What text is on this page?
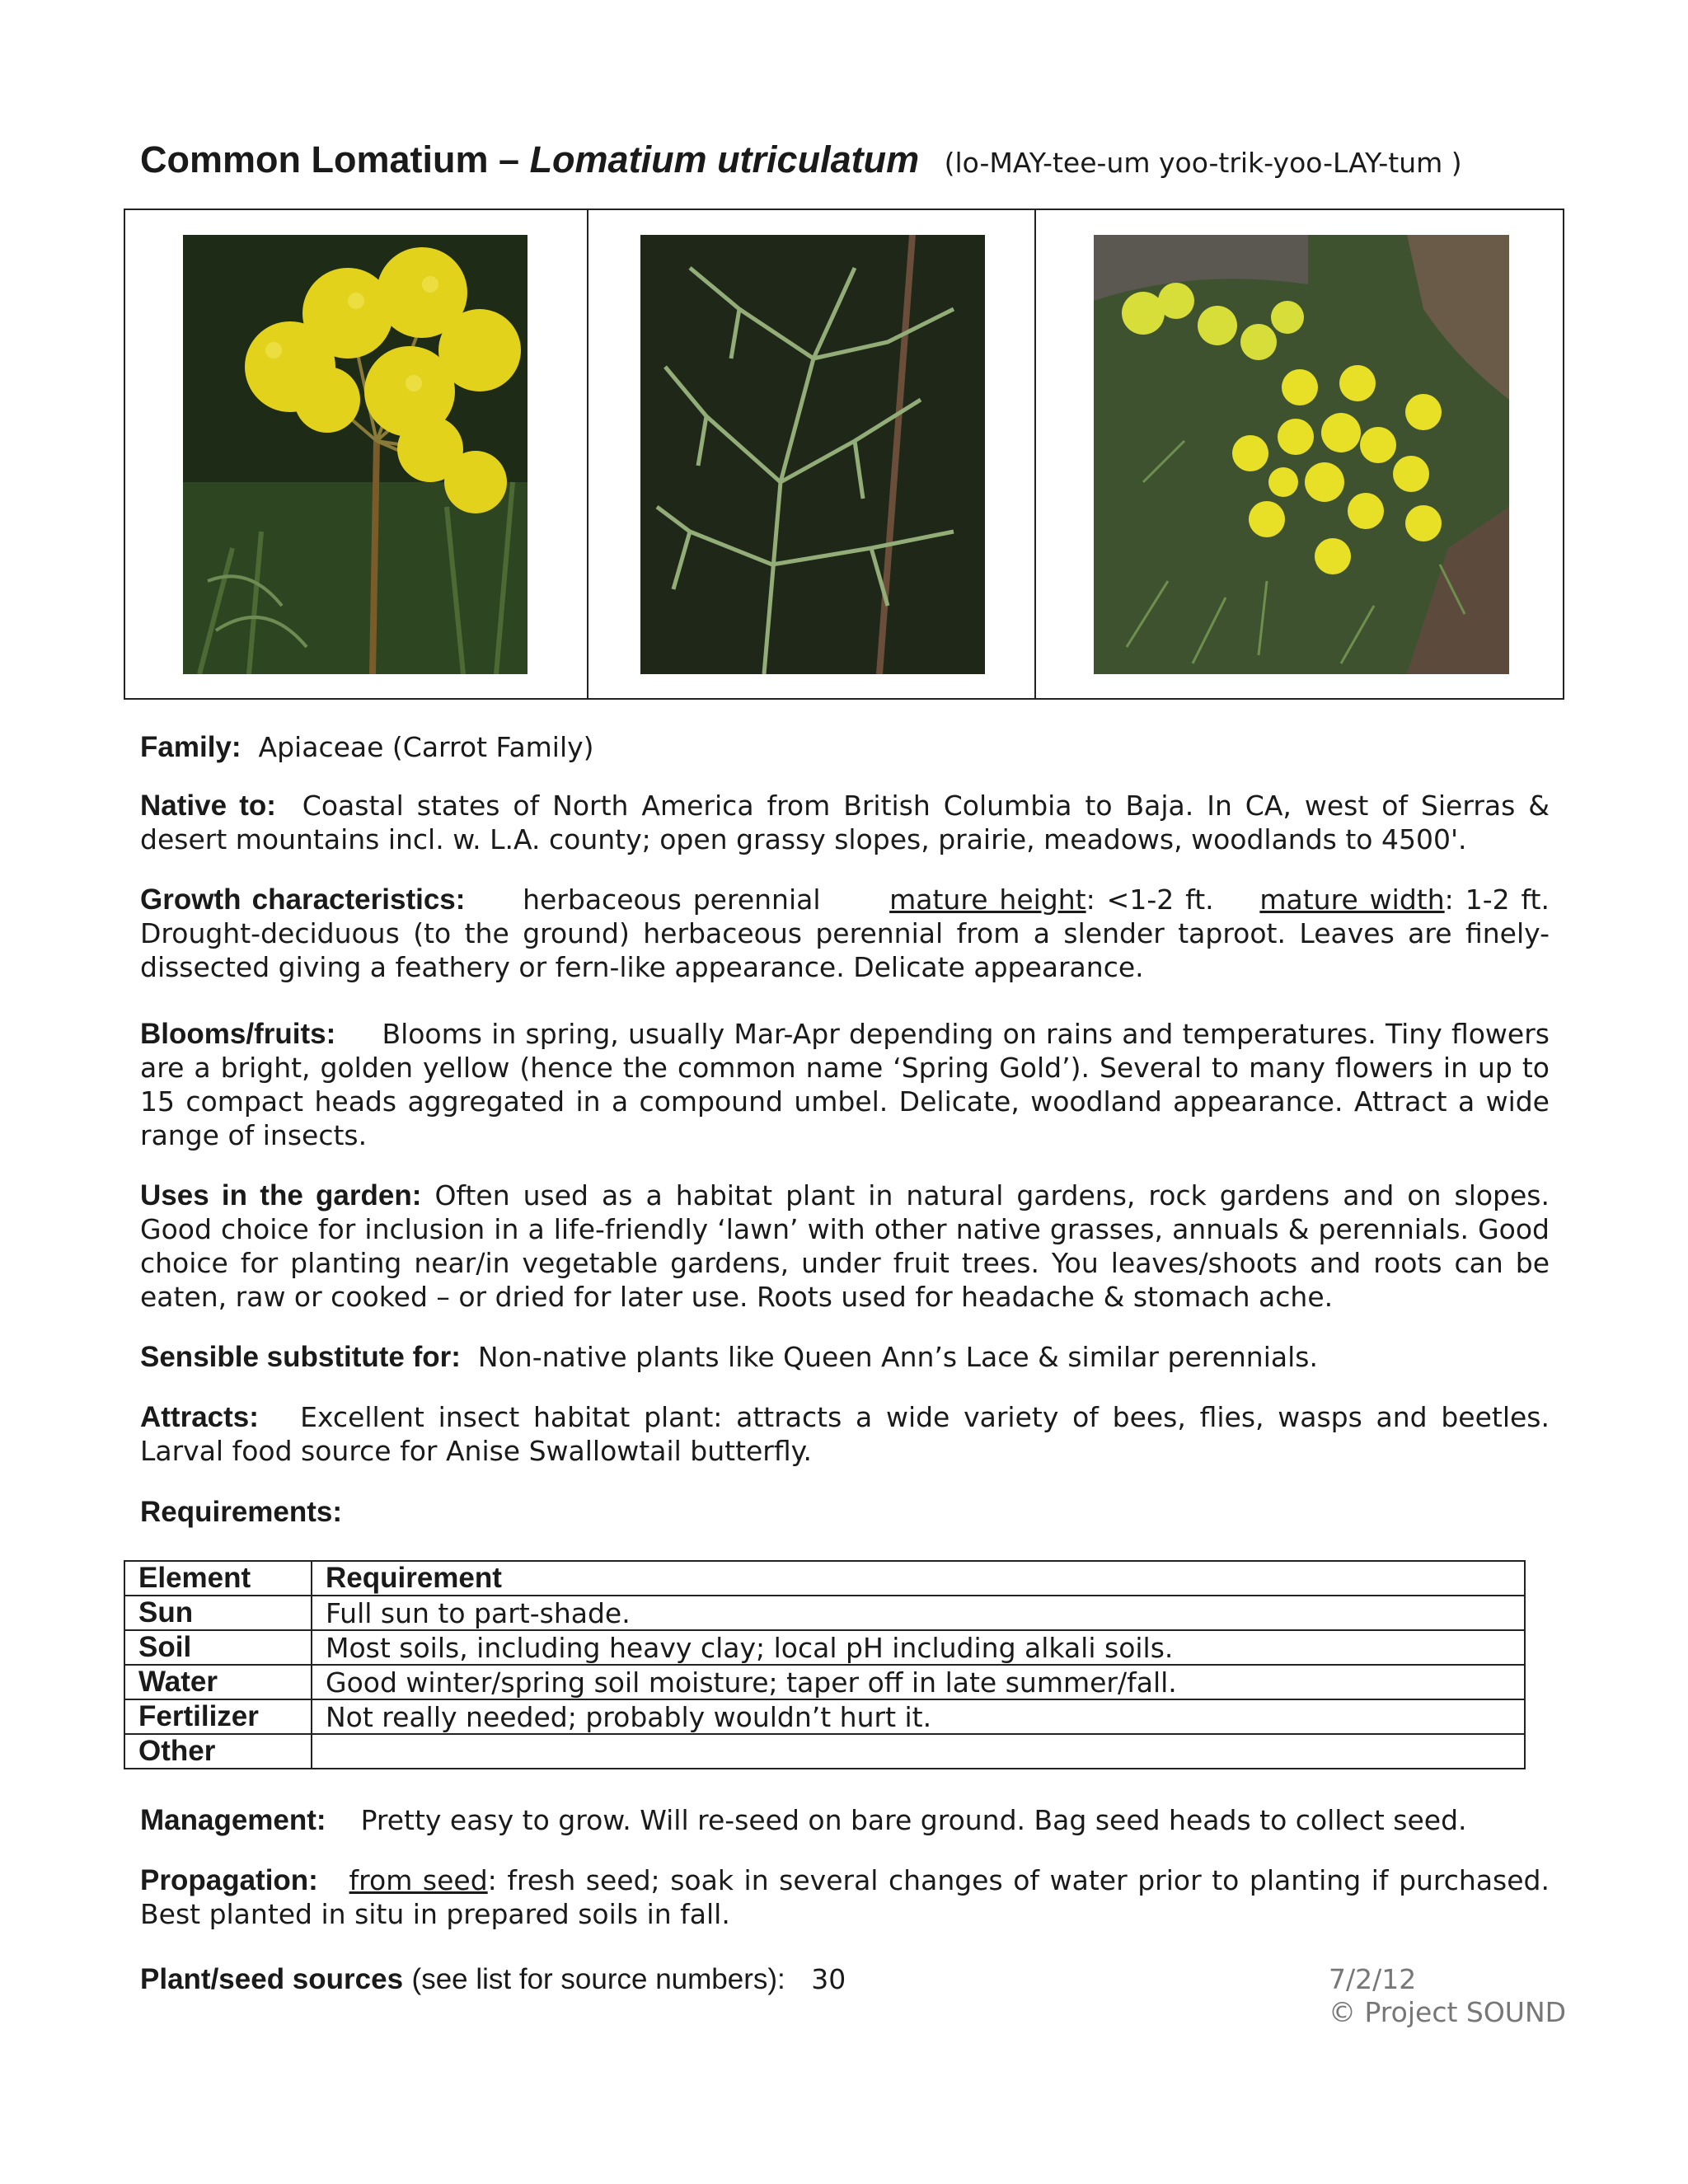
Common Lomatium – Lomatium utriculatum (lo-MAY-tee-um yoo-trik-yoo-LAY-tum )
Family: Apiaceae (Carrot Family)
Native to: Coastal states of North America from British Columbia to Baja. In CA, west of Sierras & desert mountains incl. w. L.A. county; open grassy slopes, prairie, meadows, woodlands to 4500'.
Growth characteristics: herbaceous perennial	mature height: <1-2 ft. mature width: 1-2 ft. Drought-deciduous (to the ground) herbaceous perennial from a slender taproot. Leaves are finely-dissected giving a feathery or fern-like appearance. Delicate appearance.
Blooms/fruits: Blooms in spring, usually Mar-Apr depending on rains and temperatures. Tiny flowers are a bright, golden yellow (hence the common name ‘Spring Gold’). Several to many flowers in up to 15 compact heads aggregated in a compound umbel. Delicate, woodland appearance. Attract a wide range of insects.
Uses in the garden: Often used as a habitat plant in natural gardens, rock gardens and on slopes. Good choice for inclusion in a life-friendly ‘lawn’ with other native grasses, annuals & perennials. Good choice for planting near/in vegetable gardens, under fruit trees. You leaves/shoots and roots can be eaten, raw or cooked – or dried for later use. Roots used for headache & stomach ache.
Sensible substitute for: Non-native plants like Queen Ann’s Lace & similar perennials.
Attracts: Excellent insect habitat plant: attracts a wide variety of bees, flies, wasps and beetles. Larval food source for Anise Swallowtail butterfly.
Requirements:
Element	Requirement
Sun	Full sun to part-shade.
Soil	Most soils, including heavy clay; local pH including alkali soils.
Water	Good winter/spring soil moisture; taper off in late summer/fall.
Fertilizer	Not really needed; probably wouldn’t hurt it.
Other	
Management: Pretty easy to grow. Will re-seed on bare ground. Bag seed heads to collect seed.
Propagation: from seed: fresh seed; soak in several changes of water prior to planting if purchased. Best planted in situ in prepared soils in fall.
Plant/seed sources (see list for source numbers): 30	7/2/12
© Project SOUND
